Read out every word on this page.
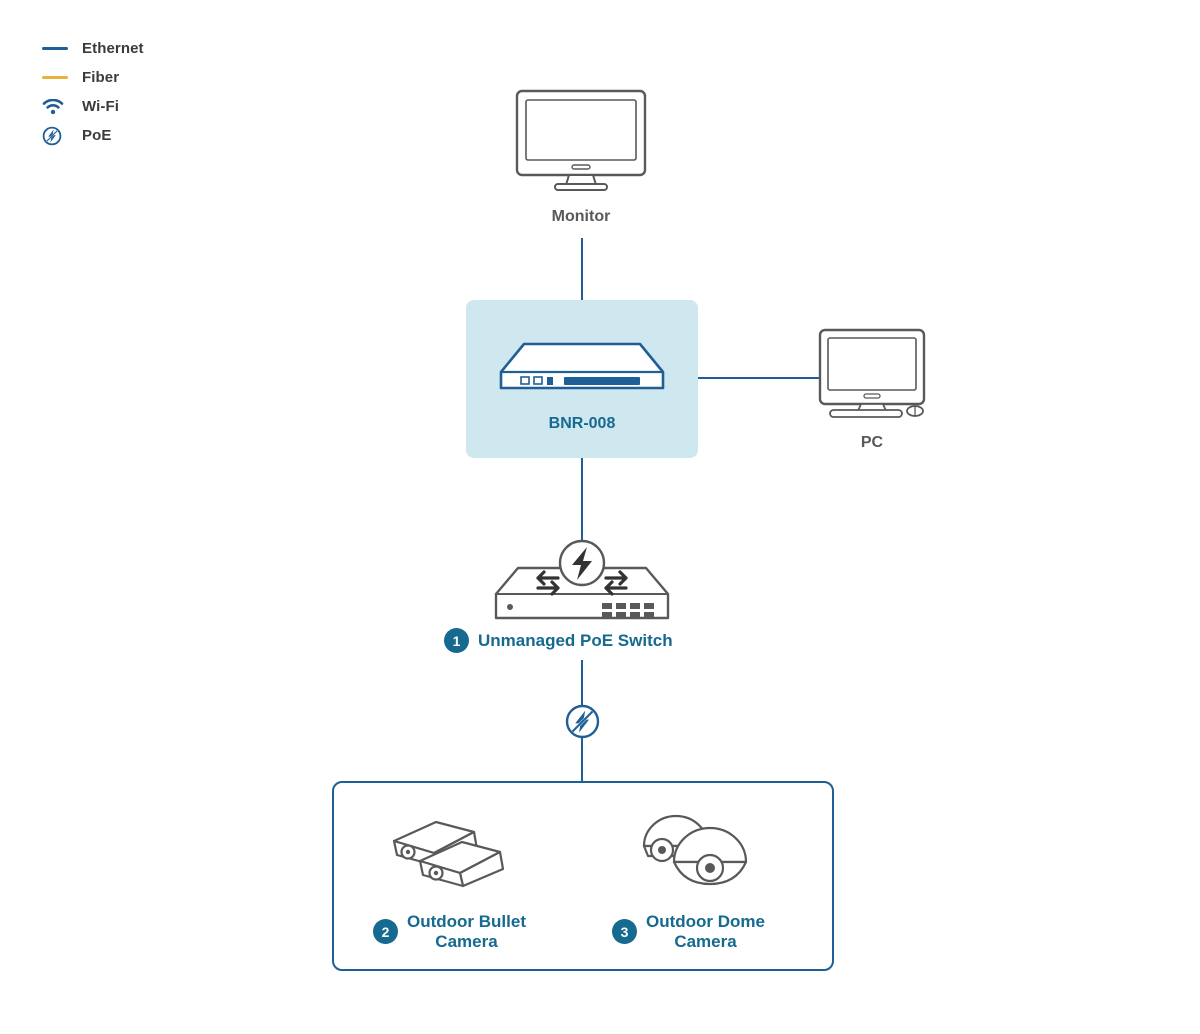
Ethernet
Fiber
Wi-Fi
PoE
Monitor
BNR-008
PC
1	Unmanaged PoE Switch
2
Outdoor Bullet
Camera	3
Outdoor Dome
Camera
